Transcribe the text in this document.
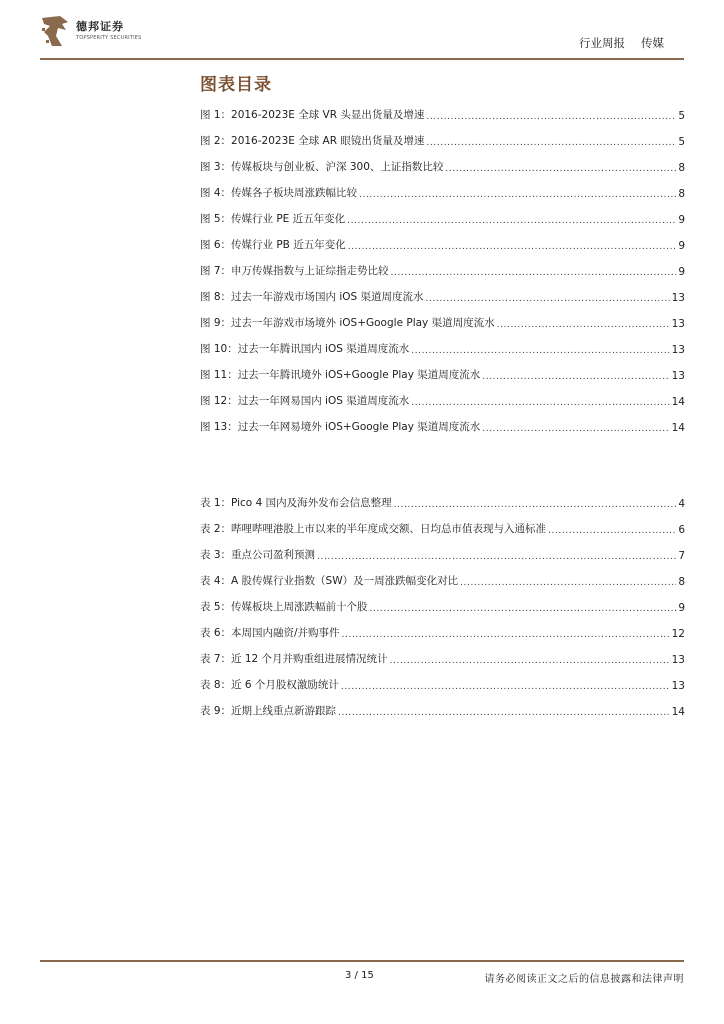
德邦证券
TOPSPERITY SECURITIES	行业周报 传媒
图表目录
图 1：2016-2023E 全球 VR 头显出货量及增速 .....	5
图 2：2016-2023E 全球 AR 眼镜出货量及增速 .....	5
图 3：传媒板块与创业板、沪深 300、上证指数比较 .....	8
图 4：传媒各子板块周涨跌幅比较 .....	8
图 5：传媒行业 PE 近五年变化 .....	9
图 6：传媒行业 PB 近五年变化 .....	9
图 7：申万传媒指数与上证综指走势比较 .....	9
图 8：过去一年游戏市场国内 iOS 渠道周度流水 .....	13
图 9：过去一年游戏市场境外 iOS+Google Play 渠道周度流水 .....	13
图 10：过去一年腾讯国内 iOS 渠道周度流水 .....	13
图 11：过去一年腾讯境外 iOS+Google Play 渠道周度流水 .....	13
图 12：过去一年网易国内 iOS 渠道周度流水 .....	14
图 13：过去一年网易境外 iOS+Google Play 渠道周度流水 .....	14
表 1：Pico 4 国内及海外发布会信息整理 .....	4
表 2：哔哩哔哩港股上市以来的半年度成交额、日均总市值表现与入通标准 .....	6
表 3：重点公司盈利预测 .....	7
表 4：A 股传媒行业指数（SW）及一周涨跌幅变化对比 .....	8
表 5：传媒板块上周涨跌幅前十个股 .....	9
表 6：本周国内融资/并购事件 .....	12
表 7：近 12 个月并购重组进展情况统计 .....	13
表 8：近 6 个月股权激励统计 .....	13
表 9：近期上线重点新游跟踪 .....	14
3 / 15	请务必阅读正文之后的信息披露和法律声明
